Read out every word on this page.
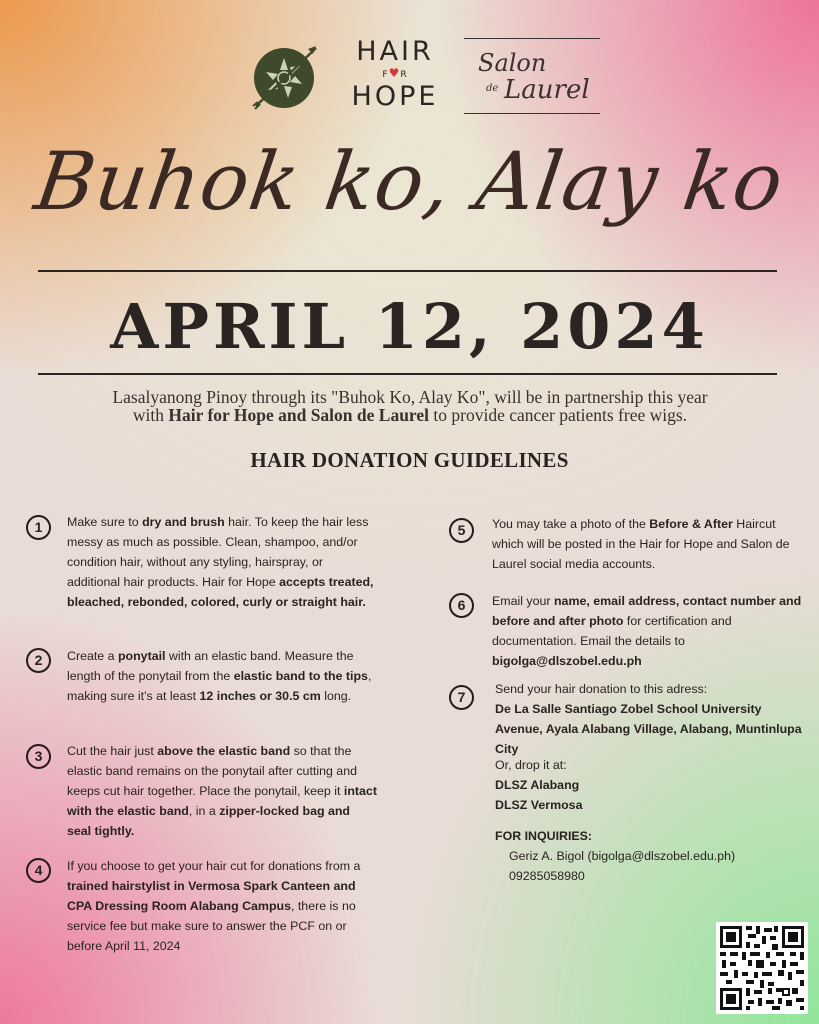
HAIR
F♥R
HOPE
Salon
de Laurel
Buhok ko, Alay ko
APRIL 12, 2024
Lasalyanong Pinoy through its "Buhok Ko, Alay Ko", will be in partnership this year
with Hair for Hope and Salon de Laurel to provide cancer patients free wigs.
HAIR DONATION GUIDELINES
1	Make sure to dry and brush hair. To keep the hair less messy as much as possible. Clean, shampoo, and/or condition hair, without any styling, hairspray, or additional hair products. Hair for Hope accepts treated, bleached, rebonded, colored, curly or straight hair.
2	Create a ponytail with an elastic band. Measure the length of the ponytail from the elastic band to the tips, making sure it's at least 12 inches or 30.5 cm long.
3	Cut the hair just above the elastic band so that the elastic band remains on the ponytail after cutting and keeps cut hair together. Place the ponytail, keep it intact with the elastic band, in a zipper-locked bag and seal tightly.
4	If you choose to get your hair cut for donations from a trained hairstylist in Vermosa Spark Canteen and CPA Dressing Room Alabang Campus, there is no service fee but make sure to answer the PCF on or before April 11, 2024
5	You may take a photo of the Before & After Haircut which will be posted in the Hair for Hope and Salon de Laurel social media accounts.
6	Email your name, email address, contact number and before and after photo for certification and documentation. Email the details to bigolga@dlszobel.edu.ph
7	Send your hair donation to this adress:
De La Salle Santiago Zobel School University Avenue, Ayala Alabang Village, Alabang, Muntinlupa City
Or, drop it at:
DLSZ Alabang
DLSZ Vermosa
FOR INQUIRIES:
Geriz A. Bigol (bigolga@dlszobel.edu.ph)
09285058980
